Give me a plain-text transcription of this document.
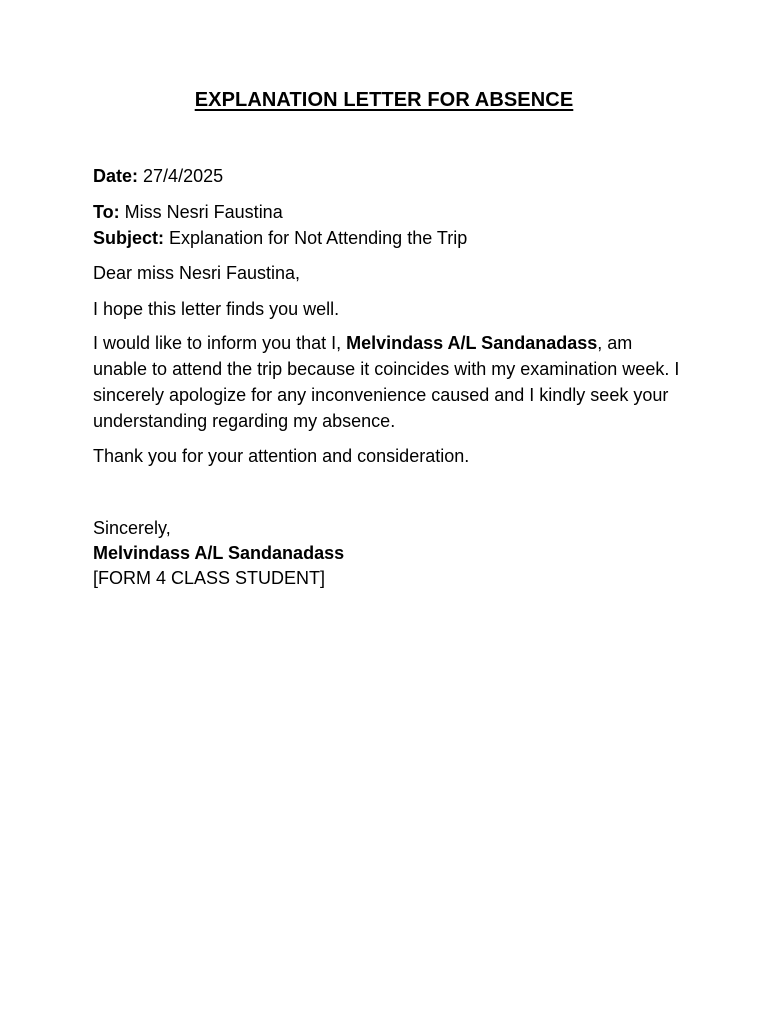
EXPLANATION LETTER FOR ABSENCE
Date: 27/4/2025
To: Miss Nesri Faustina
Subject: Explanation for Not Attending the Trip
Dear miss Nesri Faustina,
I hope this letter finds you well.
I would like to inform you that I, Melvindass A/L Sandanadass, am unable to attend the trip because it coincides with my examination week. I sincerely apologize for any inconvenience caused and I kindly seek your understanding regarding my absence.
Thank you for your attention and consideration.
Sincerely,
Melvindass A/L Sandanadass
[FORM 4 CLASS STUDENT]
